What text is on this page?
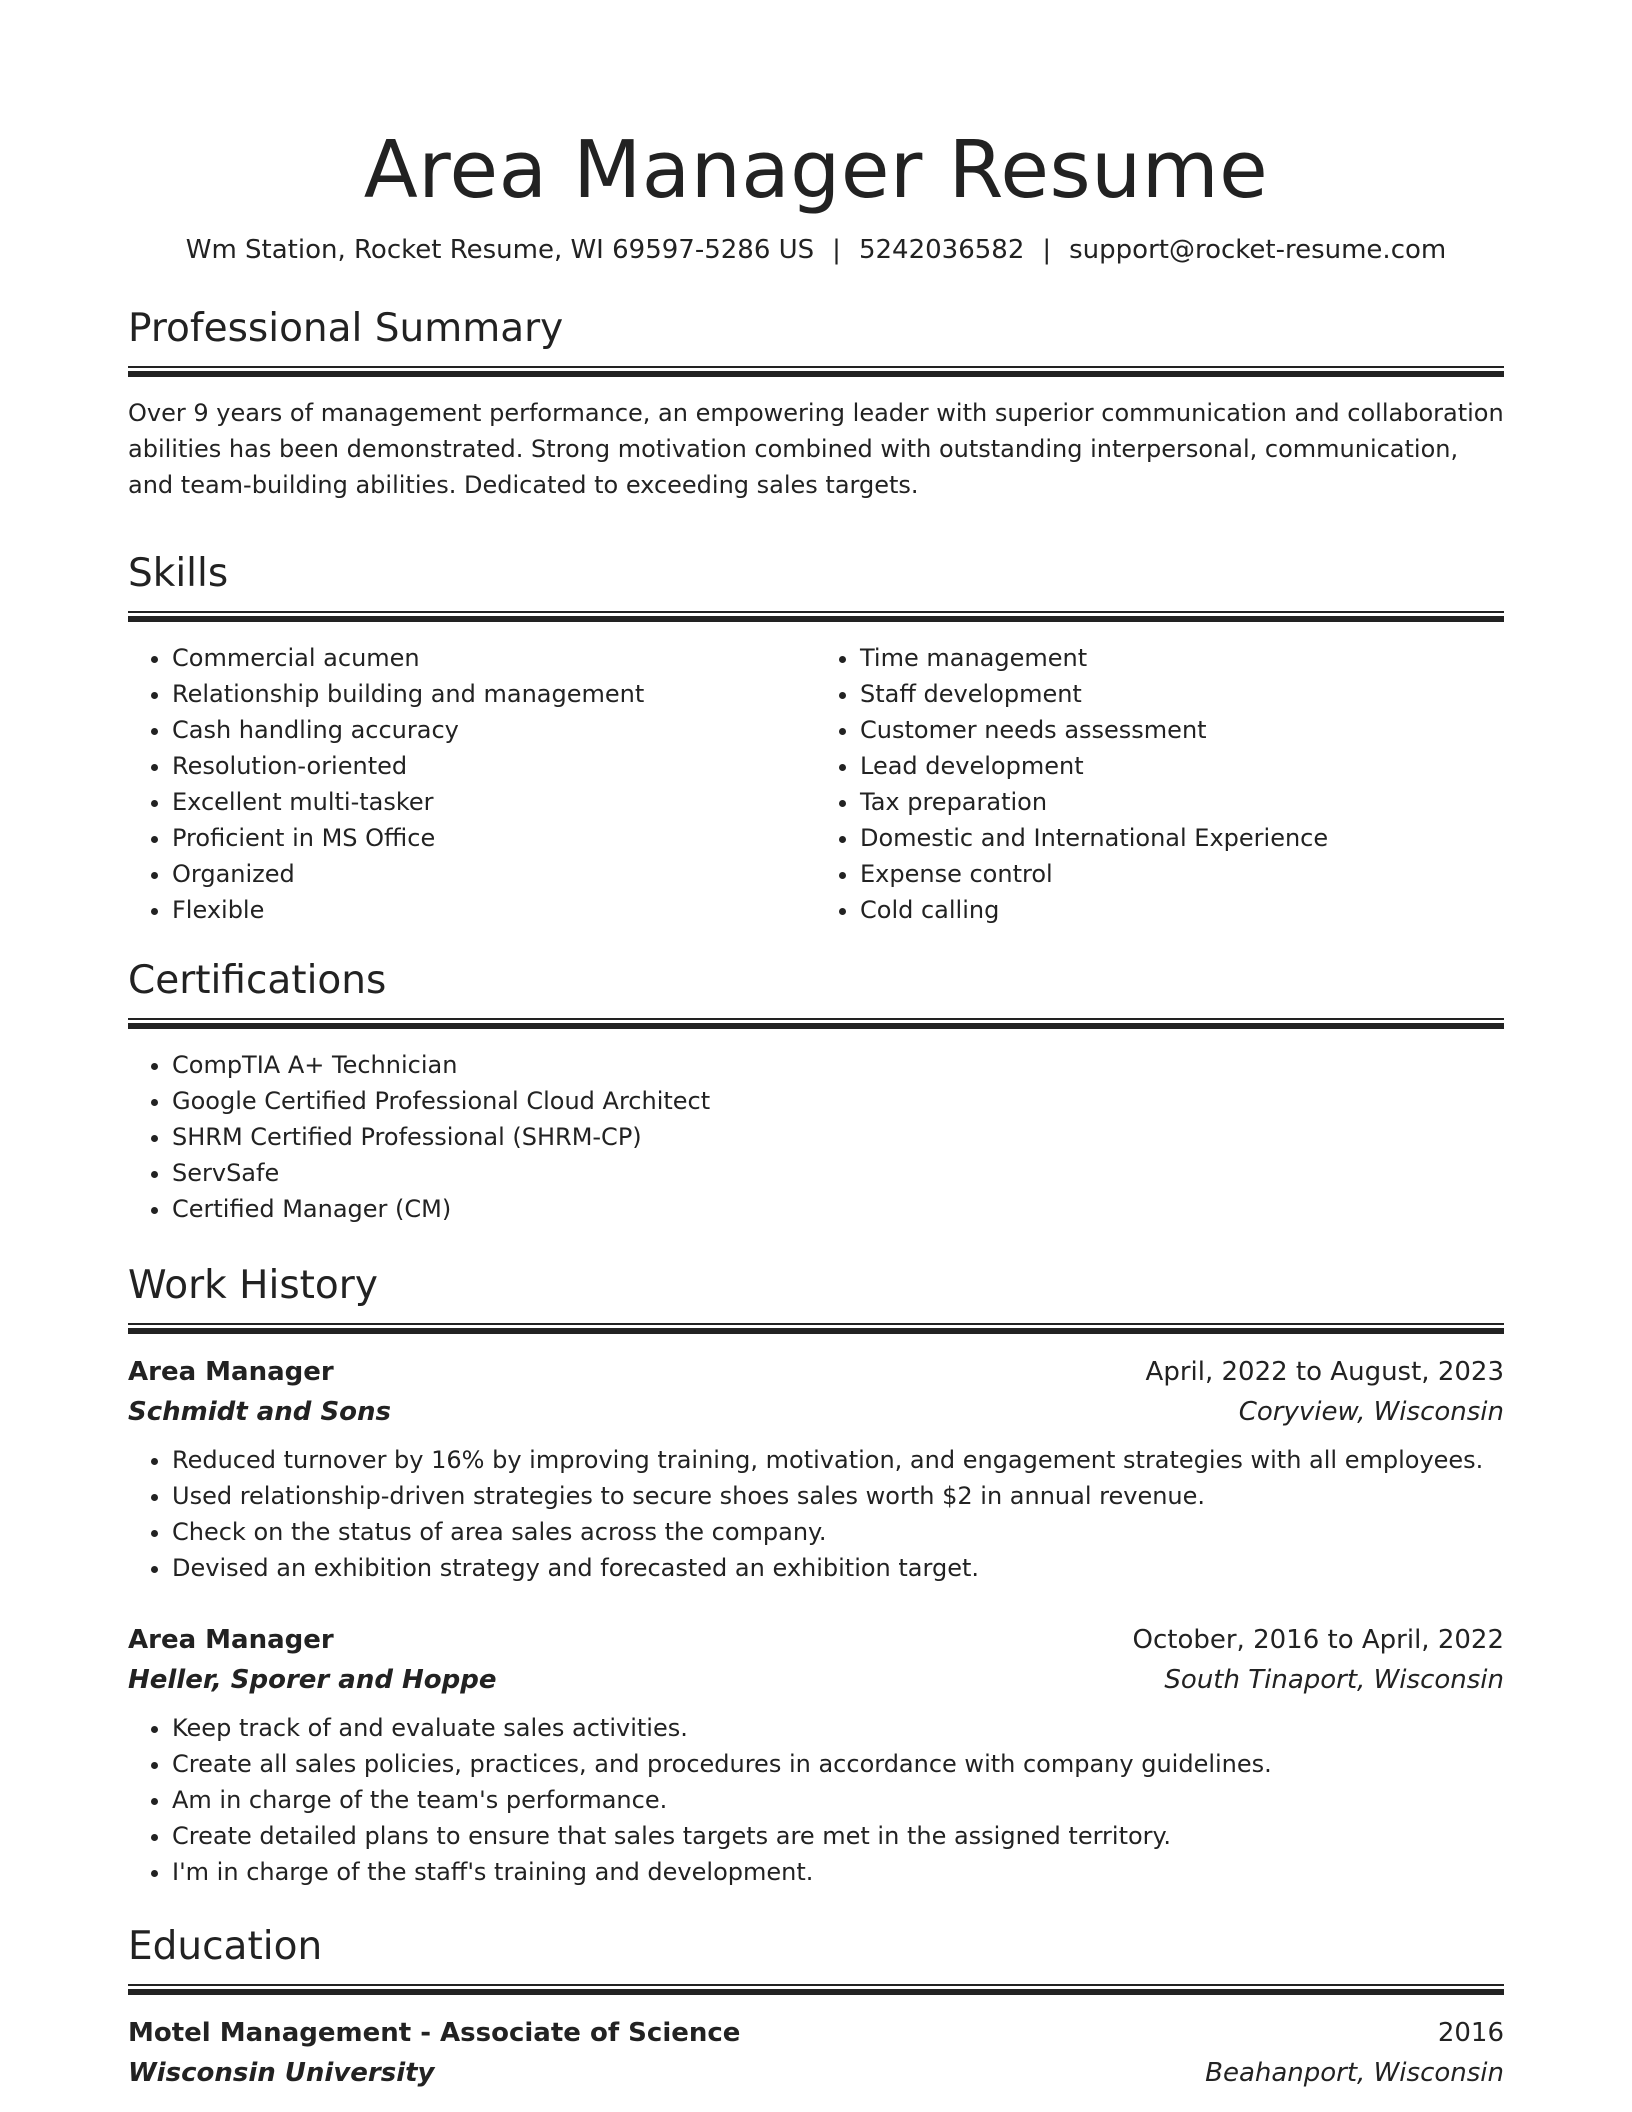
Area Manager Resume
Wm Station, Rocket Resume, WI 69597-5286 US | 5242036582 | support@rocket-resume.com
Professional Summary

Over 9 years of management performance, an empowering leader with superior communication and collaboration abilities has been demonstrated. Strong motivation combined with outstanding interpersonal, communication, and team-building abilities. Dedicated to exceeding sales targets.

Skills
• Commercial acumen
• Relationship building and management
• Cash handling accuracy
• Resolution-oriented
• Excellent multi-tasker
• Proficient in MS Office
• Organized
• Flexible
• Time management
• Staff development
• Customer needs assessment
• Lead development
• Tax preparation
• Domestic and International Experience
• Expense control
• Cold calling
Certifications
• CompTIA A+ Technician
• Google Certified Professional Cloud Architect
• SHRM Certified Professional (SHRM-CP)
• ServSafe
• Certified Manager (CM)
Work History
Area Manager	April, 2022 to August, 2023
Schmidt and Sons	Coryview, Wisconsin
• Reduced turnover by 16% by improving training, motivation, and engagement strategies with all employees.
• Used relationship-driven strategies to secure shoes sales worth $2 in annual revenue.
• Check on the status of area sales across the company.
• Devised an exhibition strategy and forecasted an exhibition target.
Area Manager	October, 2016 to April, 2022
Heller, Sporer and Hoppe	South Tinaport, Wisconsin
• Keep track of and evaluate sales activities.
• Create all sales policies, practices, and procedures in accordance with company guidelines.
• Am in charge of the team's performance.
• Create detailed plans to ensure that sales targets are met in the assigned territory.
• I'm in charge of the staff's training and development.
Education
Motel Management - Associate of Science	2016
Wisconsin University	Beahanport, Wisconsin
